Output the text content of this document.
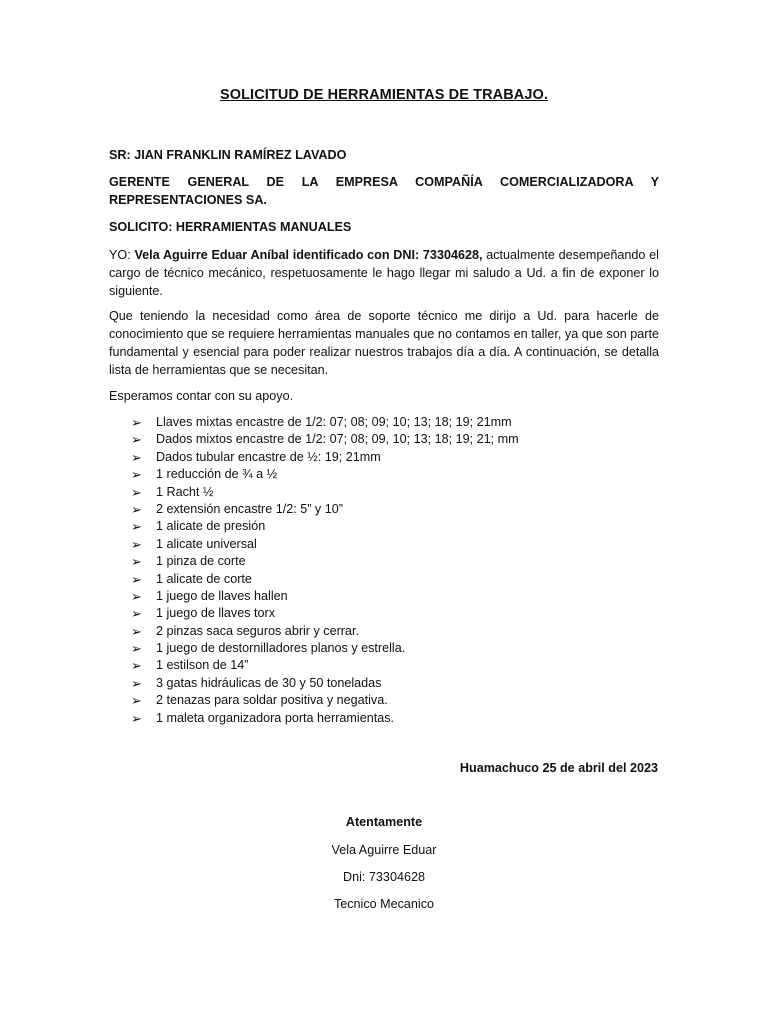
SOLICITUD DE HERRAMIENTAS DE TRABAJO.
SR: JIAN FRANKLIN RAMÍREZ LAVADO
GERENTE GENERAL DE LA EMPRESA COMPAÑÍA COMERCIALIZADORA Y REPRESENTACIONES SA.
SOLICITO: HERRAMIENTAS MANUALES
YO: Vela Aguirre Eduar Aníbal identificado con DNI: 73304628, actualmente desempeñando el cargo de técnico mecánico, respetuosamente le hago llegar mi saludo a Ud. a fin de exponer lo siguiente.
Que teniendo la necesidad como área de soporte técnico me dirijo a Ud. para hacerle de conocimiento que se requiere herramientas manuales que no contamos en taller, ya que son parte fundamental y esencial para poder realizar nuestros trabajos día a día. A continuación, se detalla lista de herramientas que se necesitan.
Esperamos contar con su apoyo.
➢	Llaves mixtas encastre de 1/2: 07; 08; 09; 10; 13; 18; 19; 21mm
➢	Dados mixtos encastre de 1/2: 07; 08; 09, 10; 13; 18; 19; 21; mm
➢	Dados tubular encastre de ½: 19; 21mm
➢	1 reducción de ¾ a ½
➢	1 Racht ½
➢	2 extensión encastre 1/2: 5” y 10”
➢	1 alicate de presión
➢	1 alicate universal
➢	1 pinza de corte
➢	1 alicate de corte
➢	1 juego de llaves hallen
➢	1 juego de llaves torx
➢	2 pinzas saca seguros abrir y cerrar.
➢	1 juego de destornilladores planos y estrella.
➢	1 estilson de 14”
➢	3 gatas hidráulicas de 30 y 50 toneladas
➢	2 tenazas para soldar positiva y negativa.
➢	1 maleta organizadora porta herramientas.
Huamachuco 25 de abril del 2023
Atentamente
Vela Aguirre Eduar
Dni: 73304628
Tecnico Mecanico
